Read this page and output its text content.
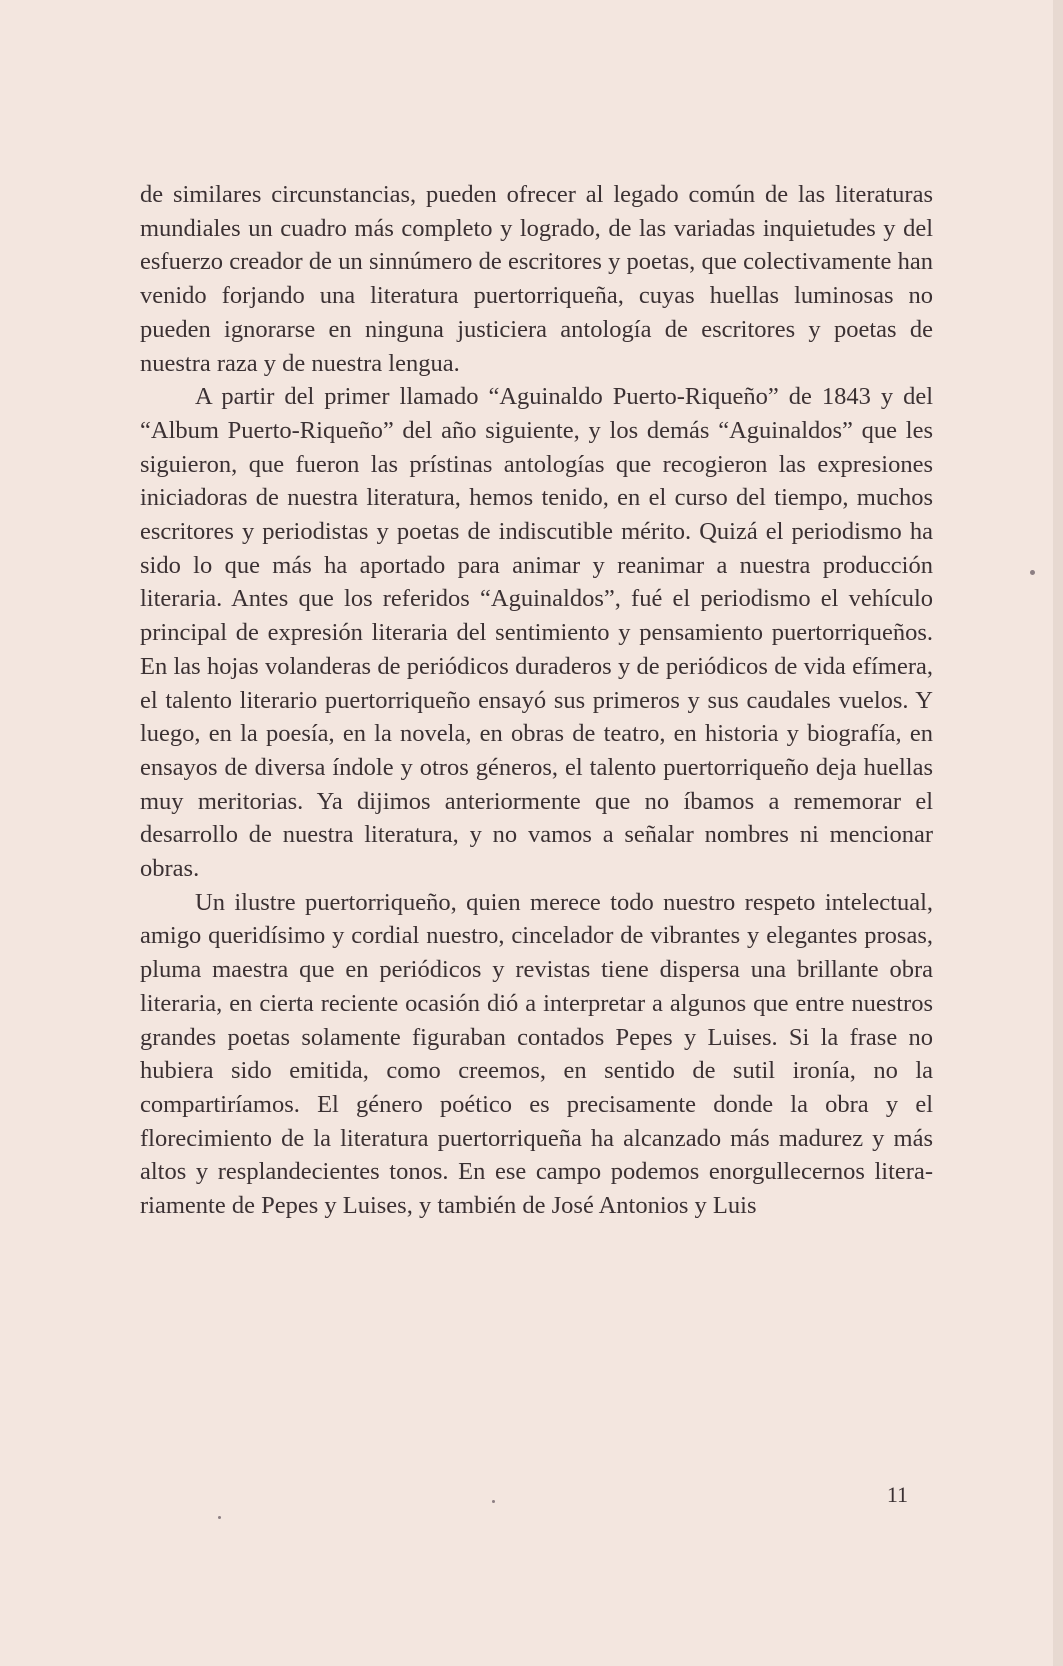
de similares circunstancias, pueden ofrecer al legado común de las literaturas mundiales un cuadro más completo y logrado, de las variadas inquietudes y del esfuerzo creador de un sinnúmero de escritores y poetas, que colectivamente han venido forjando una literatura puertorriqueña, cuyas huellas luminosas no pueden ignorarse en ninguna justiciera antología de escritores y poetas de nuestra raza y de nuestra lengua.

A partir del primer llamado “Aguinaldo Puerto-Riqueño” de 1843 y del “Album Puerto-Riqueño” del año siguiente, y los demás “Aguinaldos” que les siguieron, que fueron las prístinas antologías que recogieron las expresiones iniciadoras de nuestra literatura, hemos tenido, en el curso del tiempo, muchos escritores y periodistas y poetas de indiscutible mérito. Quizá el periodismo ha sido lo que más ha aportado para animar y reanimar a nuestra producción literaria. Antes que los referidos “Aguinaldos”, fué el periodismo el vehículo principal de expresión literaria del sentimiento y pensamiento puertorriqueños. En las hojas volanderas de periódicos duraderos y de periódicos de vida efímera, el talento literario puertorriqueño ensayó sus primeros y sus caudales vuelos. Y luego, en la poesía, en la novela, en obras de teatro, en historia y biografía, en ensayos de diversa índole y otros géneros, el talento puertorriqueño deja huellas muy meritorias. Ya dijimos anteriormente que no íbamos a rememorar el desarrollo de nuestra literatura, y no vamos a señalar nombres ni mencionar obras.

Un ilustre puertorriqueño, quien merece todo nuestro respeto intelectual, amigo queridísimo y cordial nuestro, cincelador de vibrantes y elegantes prosas, pluma maestra que en periódicos y revistas tiene dispersa una brillante obra literaria, en cierta reciente ocasión dió a interpretar a algunos que entre nuestros grandes poetas solamente figuraban contados Pepes y Luises. Si la frase no hubiera sido emitida, como creemos, en sentido de sutil ironía, no la compartiríamos. El género poético es precisamente donde la obra y el florecimiento de la literatura puertorriqueña ha alcanzado más madurez y más altos y resplandecientes tonos. En ese campo podemos enorgullecernos literariamente de Pepes y Luises, y también de José Antonios y Luis

11
